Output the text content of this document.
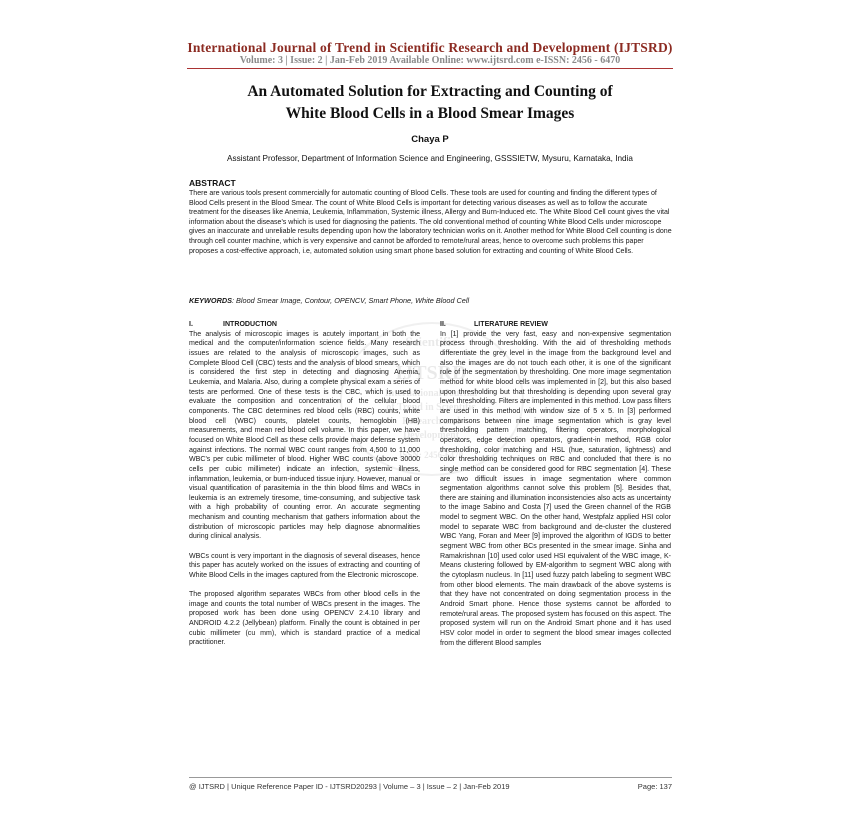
International Journal of Trend in Scientific Research and Development (IJTSRD)
Volume: 3 | Issue: 2 | Jan-Feb 2019 Available Online: www.ijtsrd.com e-ISSN: 2456 - 6470
An Automated Solution for Extracting and Counting of
White Blood Cells in a Blood Smear Images
Chaya P
Assistant Professor, Department of Information Science and Engineering, GSSSIETW, Mysuru, Karnataka, India
ABSTRACT
There are various tools present commercially for automatic counting of Blood Cells. These tools are used for counting and finding the different types of Blood Cells present in the Blood Smear. The count of White Blood Cells is important for detecting various diseases as well as to follow the accurate treatment for the diseases like Anemia, Leukemia, Inflammation, Systemic illness, Allergy and Burn-Induced etc. The White Blood Cell count gives the vital information about the disease's which is used for diagnosing the patients. The old conventional method of counting White Blood Cells under microscope gives an inaccurate and unreliable results depending upon how the laboratory technician works on it. Another method for White Blood Cell counting is done through cell counter machine, which is very expensive and cannot be afforded to remote/rural areas, hence to overcome such problems this paper proposes a cost-effective approach, i.e, automated solution using smart phone based solution for extracting and counting of White Blood Cells.
KEYWORDS: Blood Smear Image, Contour, OPENCV, Smart Phone, White Blood Cell
Scientific
IJTSRD
International Journal
of Trend in Scientific
Research and
Development
ISSN: 2456-6470
I.	INTRODUCTION

The analysis of microscopic images is acutely important in both the medical and the computer/information science fields. Many research issues are related to the analysis of microscopic images, such as Complete Blood Cell (CBC) tests and the analysis of blood smears, which is considered the first step in detecting and diagnosing Anemia, Leukemia, and Malaria. Also, during a complete physical exam a series of tests are performed. One of these tests is the CBC, which is used to evaluate the composition and concentration of the cellular blood components. The CBC determines red blood cells (RBC) counts, white blood cell (WBC) counts, platelet counts, hemoglobin (HB) measurements, and mean red blood cell volume. In this paper, we have focused on White Blood Cell as these cells provide major defense system against infections. The normal WBC count ranges from 4,500 to 11,000 WBC's per cubic millimeter of blood. Higher WBC counts (above 30000 cells per cubic millimeter) indicate an infection, systemic illness, inflammation, leukemia, or burn-induced tissue injury. However, manual or visual quantification of parasitemia in the thin blood films and WBCs in leukemia is an extremely tiresome, time-consuming, and subjective task with a high probability of counting error. An accurate segmenting mechanism and counting mechanism that gathers information about the distribution of microscopic particles may help diagnose abnormalities during clinical analysis.

WBCs count is very important in the diagnosis of several diseases, hence this paper has acutely worked on the issues of extracting and counting of White Blood Cells in the images captured from the Electronic microscope.

The proposed algorithm separates WBCs from other blood cells in the image and counts the total number of WBCs present in the images. The proposed work has been done using OPENCV 2.4.10 library and ANDROID 4.2.2 (Jellybean) platform. Finally the count is obtained in per cubic millimeter (cu mm), which is standard practice of a medical practitioner.

II.	LITERATURE REVIEW

In [1] provide the very fast, easy and non-expensive segmentation process through thresholding. With the aid of thresholding methods differentiate the grey level in the image from the background level and also the images are do not touch each other, it is one of the significant role of the segmentation by thresholding. One more image segmentation method for white blood cells was implemented in [2], but this also based upon thresholding but that thresholding is depending upon several gray level thresholding. Filters are implemented in this method. Low pass filters are used in this method with window size of 5 x 5. In [3] performed comparisons between nine image segmentation which is gray level thresholding pattern matching, filtering operators, morphological operators, edge detection operators, gradient-in method, RGB color thresholding, color matching and HSL (hue, saturation, lightness) and color thresholding techniques on RBC and concluded that there is no single method can be considered good for RBC segmentation [4]. These are two difficult issues in image segmentation where common segmentation algorithms cannot solve this problem [5]. Besides that, there are staining and illumination inconsistencies also acts as uncertainty to the image Sabino and Costa [7] used the Green channel of the RGB model to segment WBC. On the other hand, Westpfalz applied HSI color model to separate WBC from background and de-cluster the clustered WBC Yang, Foran and Meer [9] improved the algorithm of IGDS to better segment WBC from other BCs presented in the smear image. Sinha and Ramakrishnan [10] used color used HSI equivalent of the WBC image, K-Means clustering followed by EM-algorithm to segment WBC along with the cytoplasm nucleus. In [11] used fuzzy patch labeling to segment WBC from other blood elements. The main drawback of the above systems is that they have not concentrated on doing segmentation process in the Android Smart phone. Hence those systems cannot be afforded to remote/rural areas. The proposed system has focused on this aspect. The proposed system will run on the Android Smart phone and it has used HSV color model in order to segment the blood smear images collected from the different Blood samples

@ IJTSRD | Unique Reference Paper ID - IJTSRD20293 | Volume – 3 | Issue – 2 | Jan-Feb 2019	Page: 137
